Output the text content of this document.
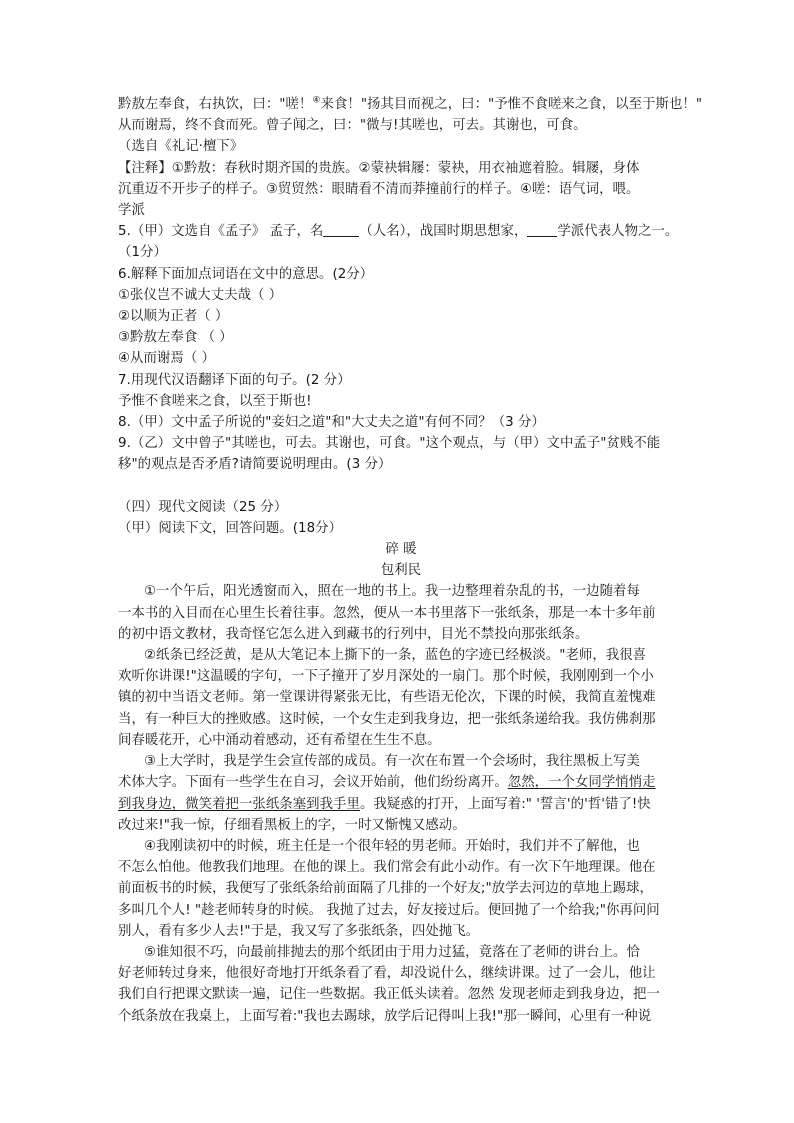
黔敖左奉食，右执饮，曰："嗟！④来食！"扬其目而视之，曰："予惟不食嗟来之食，以至于斯也！"
从而谢焉，终不食而死。曾子闻之，曰："微与!其嗟也，可去。其谢也，可食。
（选自《礼记·檀下》
【注释】①黔敖：春秋时期齐国的贵族。②蒙袂辑屦：蒙袂，用衣袖遮着脸。辑屦，身体
沉重迈不开步子的样子。③贸贸然：眼睛看不清而莽撞前行的样子。④嗟：语气词，喂。
学派
5.（甲）文选自《孟子》 孟子，名	（人名），战国时期思想家， 学派代表人物之一。
（1分）
6.解释下面加点词语在文中的意思。(2分）
①张仪岂不诚大丈夫哉（ ）
②以顺为正者（ ）
③黔敖左奉食 （ ）
④从而谢焉（ ）
7.用现代汉语翻译下面的句子。(2 分）
予惟不食嗟来之食，以至于斯也!
8.（甲）文中孟子所说的"妾妇之道"和"大丈夫之道"有何不同？（3 分）
9.（乙）文中曾子"其嗟也，可去。其谢也，可食。"这个观点，与（甲）文中孟子"贫贱不能
移"的观点是否矛盾?请简要说明理由。(3 分）
（四）现代文阅读（25 分）
（甲）阅读下文，回答问题。(18分）
碎 暖
包利民
①一个午后，阳光透窗而入，照在一地的书上。我一边整理着杂乱的书，一边随着每
一本书的入目而在心里生长着往事。忽然，便从一本书里落下一张纸条，那是一本十多年前
的初中语文教材，我奇怪它怎么进入到藏书的行列中，目光不禁投向那张纸条。
②纸条已经泛黄，是从大笔记本上撕下的一条，蓝色的字迹已经极淡。"老师，我很喜
欢听你讲课!"这温暖的字句，一下子撞开了岁月深处的一扇门。那个时候，我刚刚到一个小
镇的初中当语文老师。第一堂课讲得紧张无比，有些语无伦次，下课的时候，我简直羞愧难
当，有一种巨大的挫败感。这时候，一个女生走到我身边，把一张纸条递给我。我仿佛刹那
间春暖花开，心中涌动着感动，还有希望在生生不息。
③上大学时，我是学生会宣传部的成员。有一次在布置一个会场时，我往黑板上写美
术体大字。下面有一些学生在自习，会议开始前，他们纷纷离开。忽然，一个女同学悄悄走
到我身边，微笑着把一张纸条塞到我手里。我疑惑的打开，上面写着:" '誓言'的'哲'错了!快
改过来!"我一惊，仔细看黑板上的字，一时又惭愧又感动。
④我刚读初中的时候，班主任是一个很年轻的男老师。开始时，我们并不了解他，也
不怎么怕他。他教我们地理。在他的课上。我们常会有此小动作。有一次下午地理课。他在
前面板书的时候，我便写了张纸条给前面隔了几排的一个好友;"放学去河边的草地上踢球，
多叫几个人! "趁老师转身的时候。 我抛了过去，好友接过后。便回抛了一个给我;"你再问问
别人，看有多少人去!"于是，我又写了多张纸条，四处抛飞。
⑤谁知很不巧，向最前排抛去的那个纸团由于用力过猛，竟落在了老师的讲台上。恰
好老师转过身来，他很好奇地打开纸条看了看，却没说什么，继续讲课。过了一会儿，他让
我们自行把课文默读一遍，记住一些数据。我正低头读着。忽然 发现老师走到我身边，把一
个纸条放在我桌上，上面写着:"我也去踢球，放学后记得叫上我!"那一瞬间，心里有一种说
